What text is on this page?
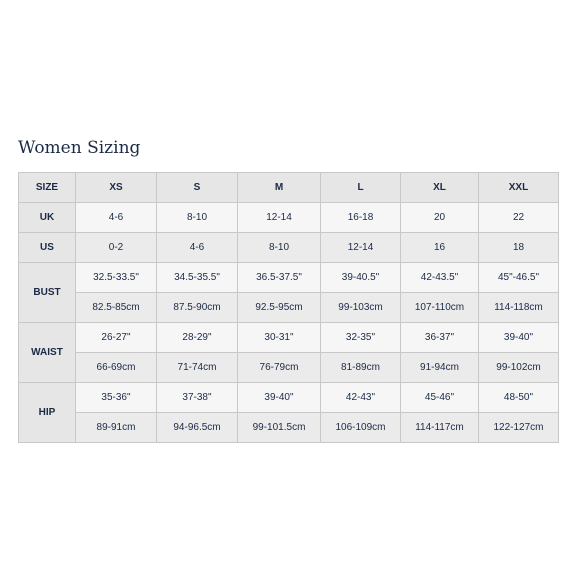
Women Sizing
SIZE	XS	S	M	L	XL	XXL
UK	4-6	8-10	12-14	16-18	20	22
US	0-2	4-6	8-10	12-14	16	18
BUST	32.5-33.5"	34.5-35.5"	36.5-37.5"	39-40.5"	42-43.5"	45"-46.5"
	82.5-85cm	87.5-90cm	92.5-95cm	99-103cm	107-110cm	114-118cm
WAIST	26-27"	28-29"	30-31"	32-35"	36-37"	39-40"
	66-69cm	71-74cm	76-79cm	81-89cm	91-94cm	99-102cm
HIP	35-36"	37-38"	39-40"	42-43"	45-46"	48-50"
	89-91cm	94-96.5cm	99-101.5cm	106-109cm	114-117cm	122-127cm
